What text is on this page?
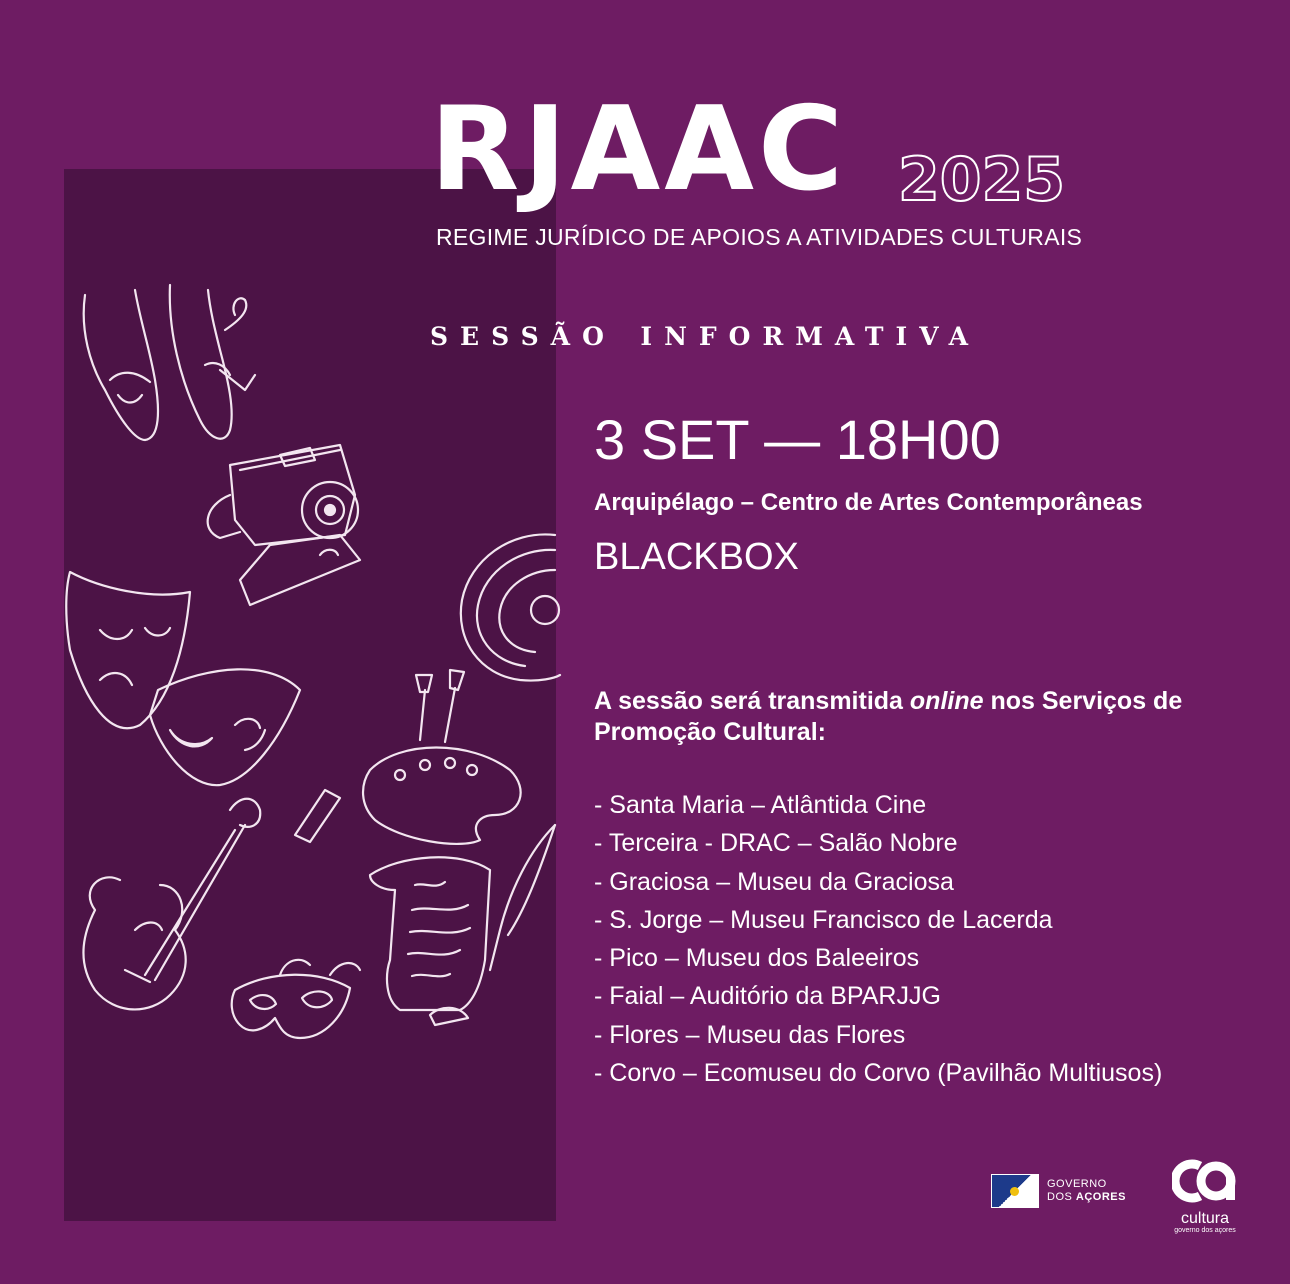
RJAAC 2025
REGIME JURÍDICO DE APOIOS A ATIVIDADES CULTURAIS
sessão informativa
3 SET — 18H00
Arquipélago – Centro de Artes Contemporâneas
BLACKBOX
A sessão será transmitida online nos Serviços de Promoção Cultural:
- Santa Maria – Atlântida Cine
- Terceira - DRAC – Salão Nobre
- Graciosa – Museu da Graciosa
- S. Jorge – Museu Francisco de Lacerda
- Pico – Museu dos Baleeiros
- Faial – Auditório da BPARJJG
- Flores – Museu das Flores
- Corvo – Ecomuseu do Corvo (Pavilhão Multiusos)
GOVERNO
DOS AÇORES
cultura
governo dos açores
